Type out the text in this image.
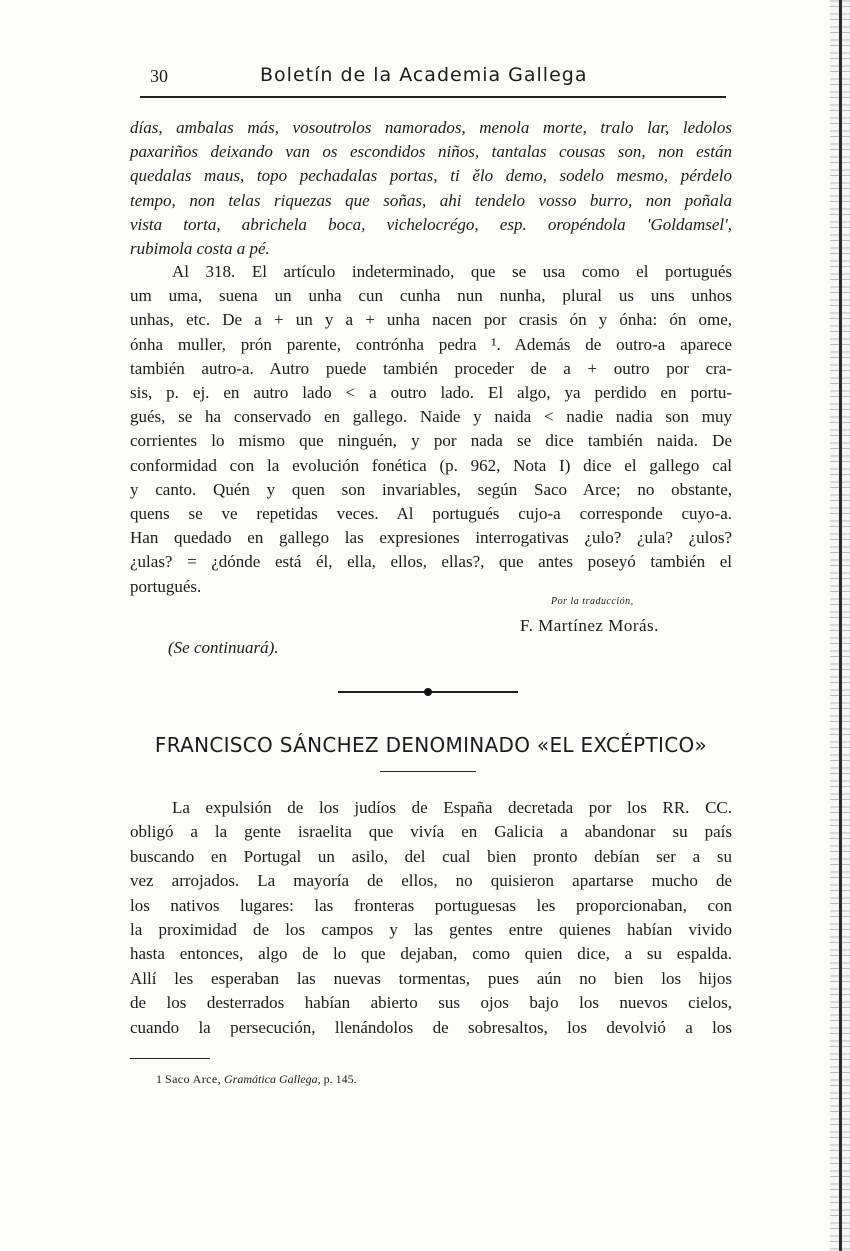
30	Boletín de la Academia Gallega

días, ambalas más, vosoutrolos namorados, menola morte, tralo lar, ledolos

paxariños deixando van os escondidos niños, tantalas cousas son, non están

quedalas maus, topo pechadalas portas, ti ělo demo, sodelo mesmo, pérdelo

tempo, non telas riquezas que soñas, ahi tendelo vosso burro, non poñala

vista torta, abrichela boca, vichelocrégo, esp. oropéndola 'Goldamsel',

rubimola costa a pé.

Al 318. El artículo indeterminado, que se usa como el portugués

um uma, suena un unha cun cunha nun nunha, plural us uns unhos

unhas, etc. De a + un y a + unha nacen por crasis ón y ónha: ón ome,

ónha muller, prón parente, contrónha pedra ¹. Además de outro-a aparece

también autro-a. Autro puede también proceder de a + outro por cra-

sis, p. ej. en autro lado < a outro lado. El algo, ya perdido en portu-

gués, se ha conservado en gallego. Naide y naida < nadie nadia son muy

corrientes lo mismo que ninguén, y por nada se dice también naida. De

conformidad con la evolución fonética (p. 962, Nota I) dice el gallego cal

y canto. Quén y quen son invariables, según Saco Arce; no obstante,

quens se ve repetidas veces. Al portugués cujo-a corresponde cuyo-a.

Han quedado en gallego las expresiones interrogativas ¿ulo? ¿ula? ¿ulos?

¿ulas? = ¿dónde está él, ella, ellos, ellas?, que antes poseyó también el

portugués.

Por la traducción,
F. Martínez Morás.
(Se continuará).
FRANCISCO SÁNCHEZ DENOMINADO «EL EXCÉPTICO»

La expulsión de los judíos de España decretada por los RR. CC.

obligó a la gente israelita que vivía en Galicia a abandonar su país

buscando en Portugal un asilo, del cual bien pronto debían ser a su

vez arrojados. La mayoría de ellos, no quisieron apartarse mucho de

los nativos lugares: las fronteras portuguesas les proporcionaban, con

la proximidad de los campos y las gentes entre quienes habían vivido

hasta entonces, algo de lo que dejaban, como quien dice, a su espalda.

Allí les esperaban las nuevas tormentas, pues aún no bien los hijos

de los desterrados habían abierto sus ojos bajo los nuevos cielos,

cuando la persecución, llenándolos de sobresaltos, los devolvió a los

1 Saco Arce, Gramática Gallega, p. 145.
